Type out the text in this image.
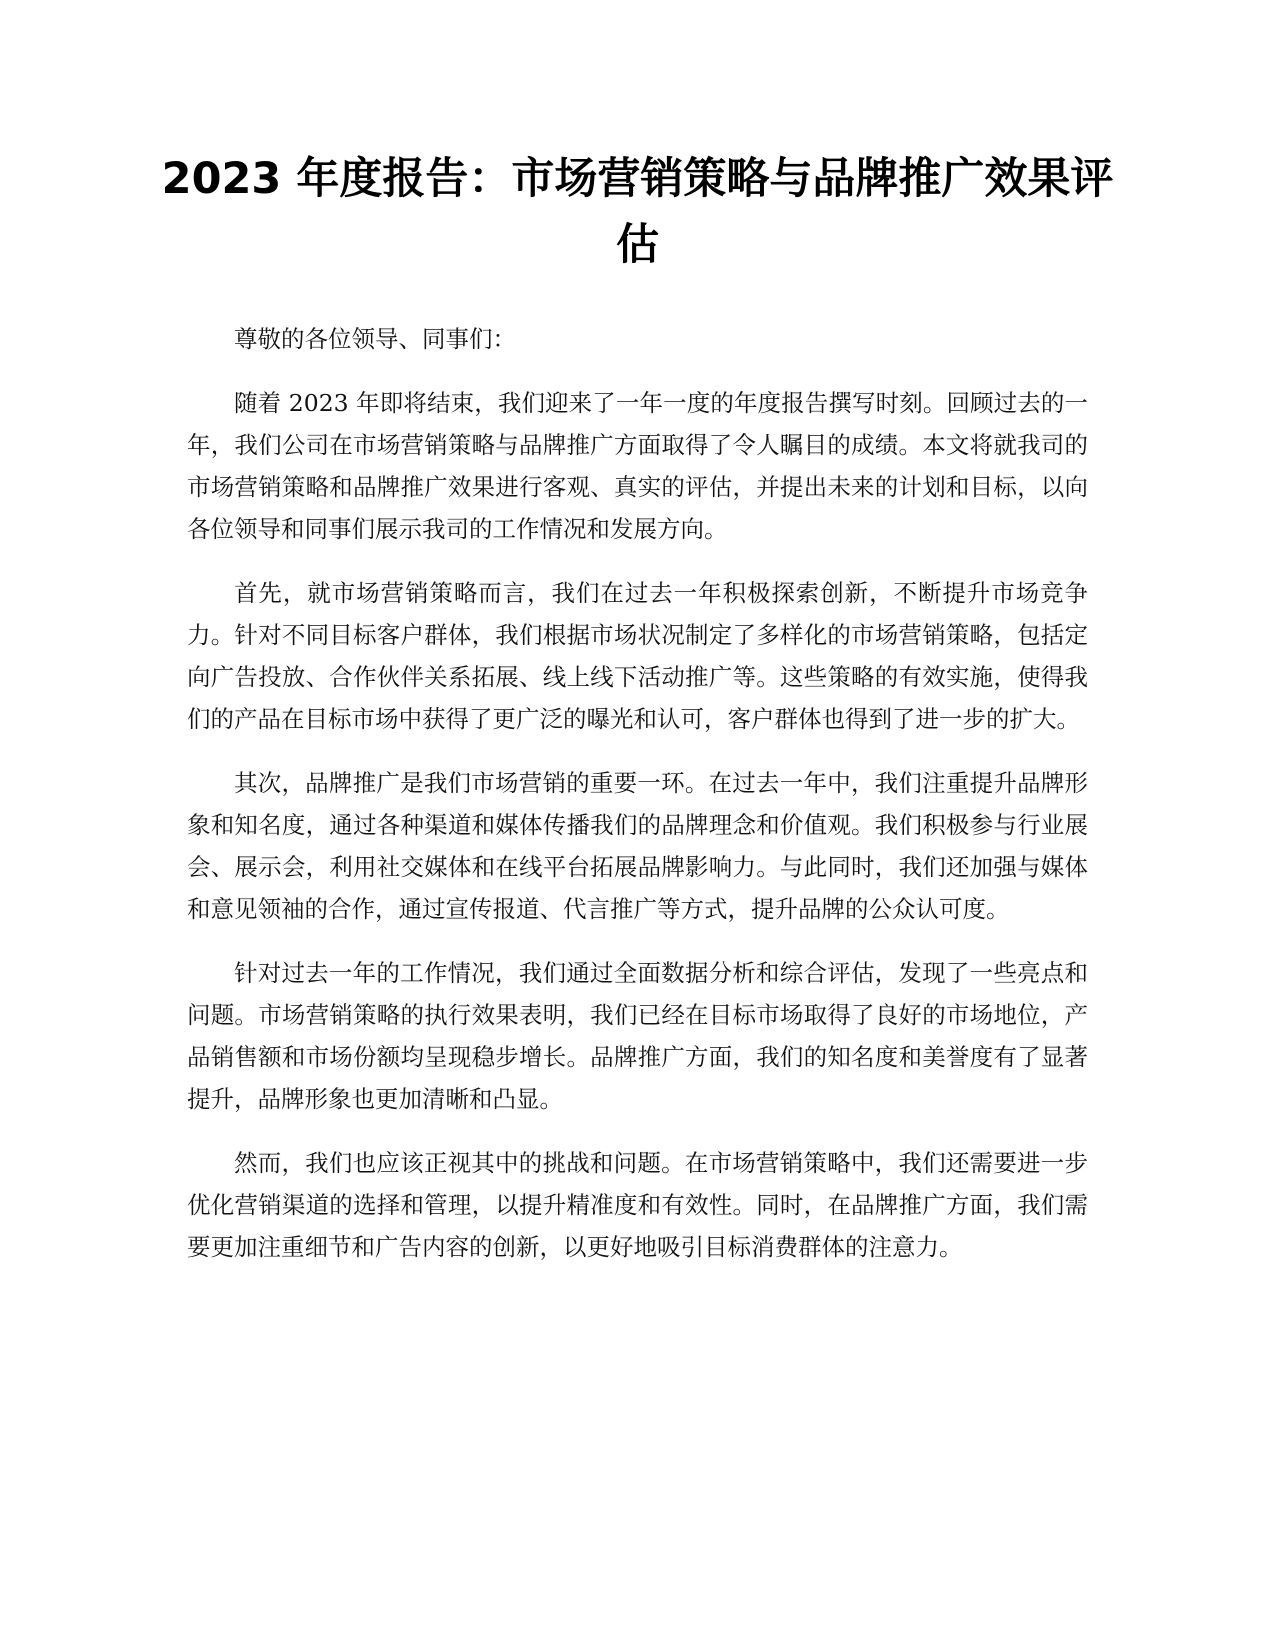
2023 年度报告：市场营销策略与品牌推广效果评估

尊敬的各位领导、同事们：

随着 2023 年即将结束，我们迎来了一年一度的年度报告撰写时刻。回顾过去的一年，我们公司在市场营销策略与品牌推广方面取得了令人瞩目的成绩。本文将就我司的市场营销策略和品牌推广效果进行客观、真实的评估，并提出未来的计划和目标，以向各位领导和同事们展示我司的工作情况和发展方向。

首先，就市场营销策略而言，我们在过去一年积极探索创新，不断提升市场竞争力。针对不同目标客户群体，我们根据市场状况制定了多样化的市场营销策略，包括定向广告投放、合作伙伴关系拓展、线上线下活动推广等。这些策略的有效实施，使得我们的产品在目标市场中获得了更广泛的曝光和认可，客户群体也得到了进一步的扩大。

其次，品牌推广是我们市场营销的重要一环。在过去一年中，我们注重提升品牌形象和知名度，通过各种渠道和媒体传播我们的品牌理念和价值观。我们积极参与行业展会、展示会，利用社交媒体和在线平台拓展品牌影响力。与此同时，我们还加强与媒体和意见领袖的合作，通过宣传报道、代言推广等方式，提升品牌的公众认可度。

针对过去一年的工作情况，我们通过全面数据分析和综合评估，发现了一些亮点和问题。市场营销策略的执行效果表明，我们已经在目标市场取得了良好的市场地位，产品销售额和市场份额均呈现稳步增长。品牌推广方面，我们的知名度和美誉度有了显著提升，品牌形象也更加清晰和凸显。

然而，我们也应该正视其中的挑战和问题。在市场营销策略中，我们还需要进一步优化营销渠道的选择和管理，以提升精准度和有效性。同时，在品牌推广方面，我们需要更加注重细节和广告内容的创新，以更好地吸引目标消费群体的注意力。
